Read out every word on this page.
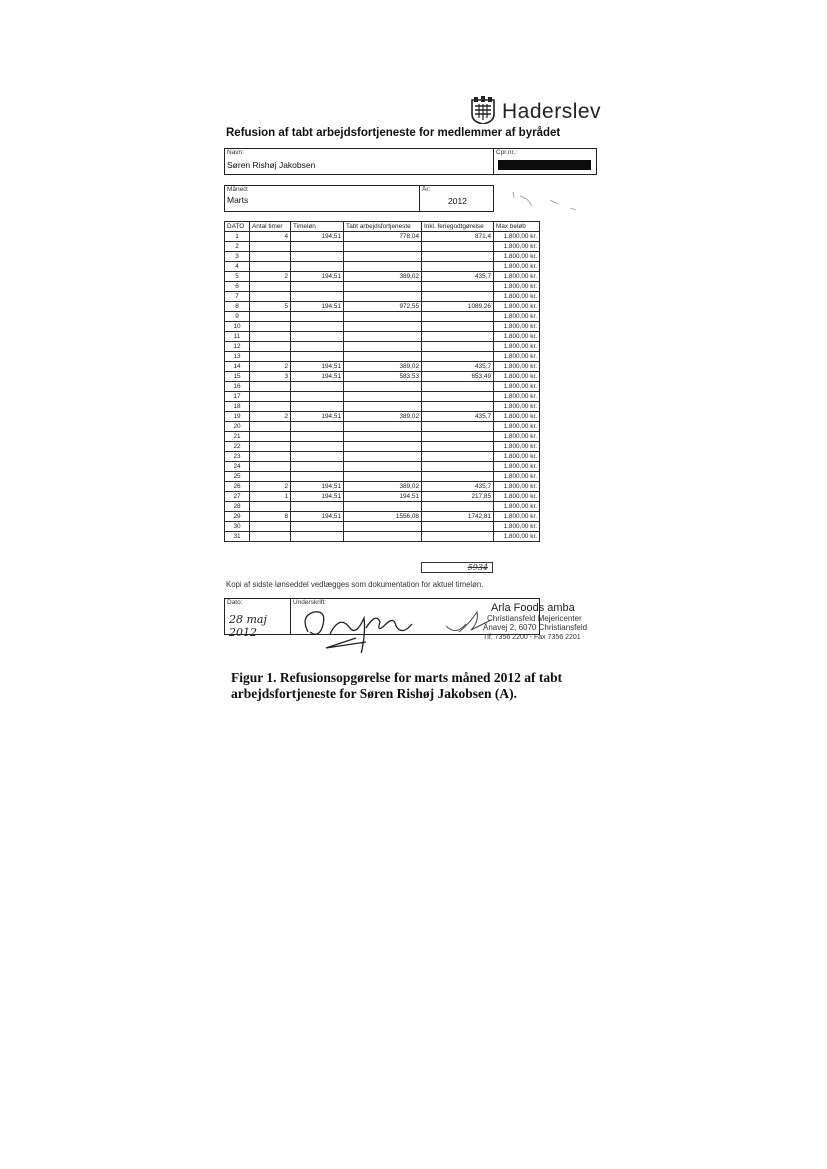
Haderslev
Refusion af tabt arbejdsfortjeneste for medlemmer af byrådet
Navn:
Søren Rishøj Jakobsen
Cpr.nr.:
Måned:
Marts
År:
2012
DATO	Antal timer	Timeløn	Tabt arbejdsfortjeneste	Inkl. feriegodtgørelse	Max beløb
1	4	194,51	778,04	871,4	1.800,00 kr.
2					1.800,00 kr.
3					1.800,00 kr.
4					1.800,00 kr.
5	2	194,51	389,02	435,7	1.800,00 kr.
6					1.800,00 kr.
7					1.800,00 kr.
8	5	194,51	972,55	1089,26	1.800,00 kr.
9					1.800,00 kr.
10					1.800,00 kr.
11					1.800,00 kr.
12					1.800,00 kr.
13					1.800,00 kr.
14	2	194,51	389,02	435,7	1.800,00 kr.
15	3	194,51	583,53	653,49	1.800,00 kr.
16					1.800,00 kr.
17					1.800,00 kr.
18					1.800,00 kr.
19	2	194,51	389,02	435,7	1.800,00 kr.
20					1.800,00 kr.
21					1.800,00 kr.
22					1.800,00 kr.
23					1.800,00 kr.
24					1.800,00 kr.
25					1.800,00 kr.
26	2	194,51	389,02	435,7	1.800,00 kr.
27	1	194,51	194,51	217,85	1.800,00 kr.
28					1.800,00 kr.
29	8	194,51	1556,08	1742,81	1.800,00 kr.
30					1.800,00 kr.
31					1.800,00 kr.
5934
Kopi af sidste lønseddel vedlægges som dokumentation for aktuel timeløn.
Dato:
28 maj 2012
Underskrift:	Arla Foods amba
Christiansfeld Mejericenter
Ånavej 2, 6070 Christiansfeld
Tlf. 7356 2200 - Fax 7356 2201
Figur 1. Refusionsopgørelse for marts måned 2012 af tabt arbejdsfortjeneste for Søren Rishøj Jakobsen (A).
